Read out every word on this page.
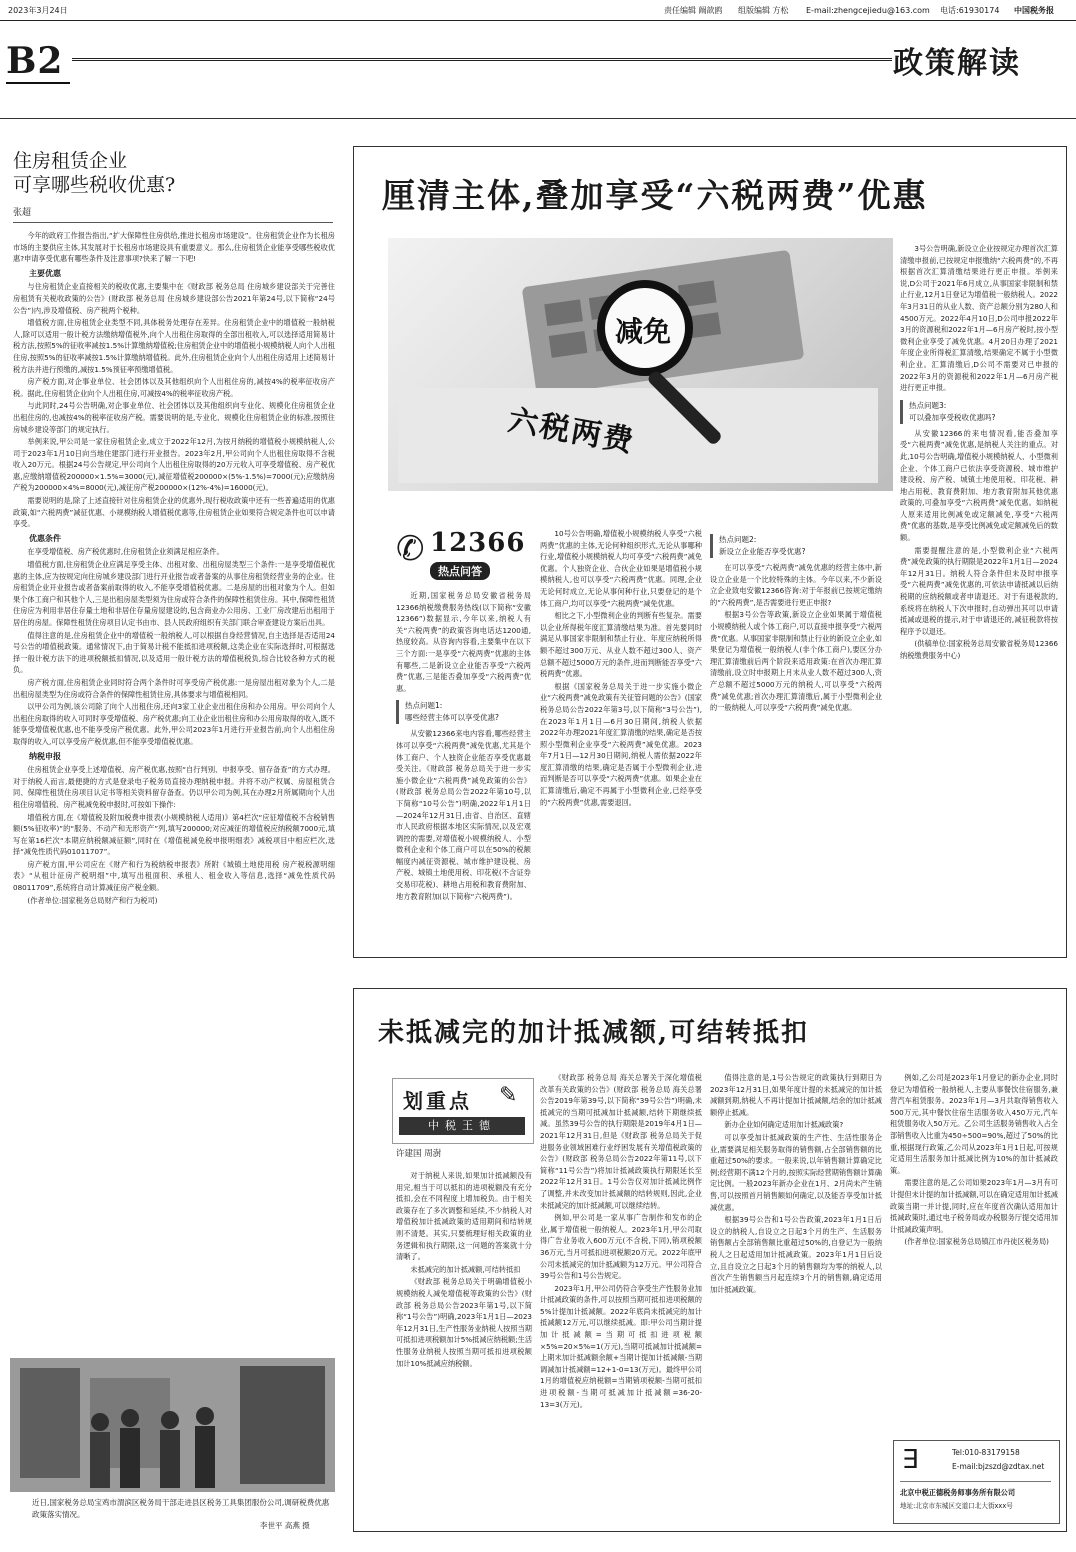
2023年3月24日	责任编辑 阚歆鸥 组版编辑 方松 E-mail:zhengcejiedu@163.com 电话:61930174 中国税务报
B2	政策解读
住房租赁企业
可享哪些税收优惠?
张超

今年的政府工作报告指出,“扩大保障性住房供给,推进长租房市场建设”。住房租赁企业作为长租房市场的主要供应主体,其发展对于长租房市场建设具有重要意义。那么,住房租赁企业能享受哪些税收优惠?申请享受优惠有哪些条件及注意事项?快来了解一下吧!

主要优惠

与住房租赁企业直接相关的税收优惠,主要集中在《财政部 税务总局 住房城乡建设部关于完善住房租赁有关税收政策的公告》(财政部 税务总局 住房城乡建设部公告2021年第24号,以下简称“24号公告”)内,涉及增值税、房产税两个税种。

增值税方面,住房租赁企业类型不同,具体税务处理存在差异。住房租赁企业中的增值税一般纳税人,除可以适用一般计税方法缴纳增值税外,向个人出租住房取得的全部出租收入,可以选择适用简易计税方法,按照5%的征收率减按1.5%计算缴纳增值税;住房租赁企业中的增值税小规模纳税人向个人出租住房,按照5%的征收率减按1.5%计算缴纳增值税。此外,住房租赁企业向个人出租住房适用上述简易计税方法并进行预缴的,减按1.5%预征率预缴增值税。

房产税方面,对企事业单位、社会团体以及其他组织向个人出租住房的,减按4%的税率征收房产税。据此,住房租赁企业向个人出租住房,可减按4%的税率征收房产税。

与此同时,24号公告明确,对企事业单位、社会团体以及其他组织向专业化、规模化住房租赁企业出租住房的,也减按4%的税率征收房产税。需要说明的是,专业化、规模化住房租赁企业的标准,按照住房城乡建设等部门的规定执行。

举例来说,甲公司是一家住房租赁企业,成立于2022年12月,为按月纳税的增值税小规模纳税人,公司于2023年1月10日向当地住建部门进行开业报告。2023年2月,甲公司向个人出租住房取得不含税收入20万元。根据24号公告规定,甲公司向个人出租住房取得的20万元收入可享受增值税、房产税优惠,应缴纳增值税200000×1.5%=3000(元),减征增值税200000×(5%-1.5%)=7000(元);应缴纳房产税为200000×4%=8000(元),减征房产税200000×(12%-4%)=16000(元)。

需要说明的是,除了上述直接针对住房租赁企业的优惠外,现行税收政策中还有一些普遍适用的优惠政策,如“六税两费”减征优惠、小规模纳税人增值税优惠等,住房租赁企业如果符合规定条件也可以申请享受。

优惠条件

在享受增值税、房产税优惠时,住房租赁企业须满足相应条件。

增值税方面,住房租赁企业应满足享受主体、出租对象、出租房屋类型三个条件:一是享受增值税优惠的主体,应为按规定向住房城乡建设部门进行开业报告或者备案的从事住房租赁经营业务的企业。住房租赁企业开业报告或者备案前取得的收入,不能享受增值税优惠。二是房屋的出租对象为个人。但如果个体工商户和其他个人,三是出租房屋类型须为住房或符合条件的保障性租赁住房。其中,保障性租赁住房应为利用非居住存量土地和非居住存量房屋建设的,包含商业办公用房、工业厂房改建后出租用于居住的房屋。保障性租赁住房项目认定书由市、县人民政府组织有关部门联合审查建设方案后出具。

值得注意的是,住房租赁企业中的增值税一般纳税人,可以根据自身经营情况,自主选择是否适用24号公告的增值税政策。通常情况下,由于简易计税不能抵扣进项税额,这类企业在实际选择时,可根据选择一般计税方法下的进项税额抵扣情况,以及适用一般计税方法的增值税税负,综合比较各种方式的税负。

房产税方面,住房租赁企业同时符合两个条件时可享受房产税优惠:一是房屋出租对象为个人,二是出租房屋类型为住房或符合条件的保障性租赁住房,具体要求与增值税相同。

以甲公司为例,该公司除了向个人出租住房,还向3家工业企业出租住房和办公用房。甲公司向个人出租住房取得的收入可同时享受增值税、房产税优惠;向工业企业出租住房和办公用房取得的收入,既不能享受增值税优惠,也不能享受房产税优惠。此外,甲公司2023年1月进行开业报告前,向个人出租住房取得的收入,可以享受房产税优惠,但不能享受增值税优惠。

纳税申报

住房租赁企业享受上述增值税、房产税优惠,按照“自行判别、申报享受、留存备查”的方式办理。对于纳税人而言,最便捷的方式是登录电子税务局直接办理纳税申报。并将不动产权属、房屋租赁合同、保障性租赁住房项目认定书等相关资料留存备查。仍以甲公司为例,其在办理2月所属期向个人出租住房增值税、房产税减免税申报时,可按如下操作:

增值税方面,在《增值税及附加税费申报表(小规模纳税人适用)》第4栏次“应征增值税不含税销售额(5%征收率)”的“服务、不动产和无形资产”列,填写200000;对应减征的增值税应纳税额7000元,填写在第16栏次“本期应纳税额减征额”,同时在《增值税减免税申报明细表》减税项目中相应栏次,选择“减免性质代码01011707”。

房产税方面,甲公司应在《财产和行为税纳税申报表》所附《城镇土地使用税 房产税税源明细表》“从租计征房产税明细”中,填写出租面积、承租人、租金收入等信息,选择“减免性质代码08011709”,系统将自动计算减征房产税金额。

(作者单位:国家税务总局财产和行为税司)

近日,国家税务总局宝鸡市渭滨区税务局干部走进县区税务工具集团服份公司,调研税费优惠政策落实情况。
李世平 高燕 摄
厘清主体,叠加享受“六税两费”优惠
减免
六税两费
✆ 12366
热点问答

近期,国家税务总局安徽省税务局12366纳税缴费服务热线(以下简称“安徽12366”)数据显示,今年以来,纳税人有关“六税两费”的政策咨询电话达1200通,热度较高。从咨询内容看,主要集中在以下三个方面:一是享受“六税两费”优惠的主体有哪些,二是新设立企业能否享受“六税两费”优惠,三是能否叠加享受“六税两费”优惠。

热点问题1:
哪些经营主体可以享受优惠?

从安徽12366来电内容看,哪些经营主体可以享受“六税两费”减免优惠,尤其是个体工商户、个人独资企业能否享受优惠最受关注。《财政部 税务总局关于进一步实施小微企业“六税两费”减免政策的公告》(财政部 税务总局公告2022年第10号,以下简称“10号公告”)明确,2022年1月1日—2024年12月31日,由省、自治区、直辖市人民政府根据本地区实际情况,以及宏观调控的需要,对增值税小规模纳税人、小型微利企业和个体工商户可以在50%的税额幅度内减征资源税、城市维护建设税、房产税、城镇土地使用税、印花税(不含证券交易印花税)、耕地占用税和教育费附加、地方教育附加(以下简称“六税两费”)。

10号公告明确,增值税小规模纳税人享受“六税两费”优惠的主体,无论何种组织形式,无论从事哪种行业,增值税小规模纳税人均可享受“六税两费”减免优惠。个人独资企业、合伙企业如果是增值税小规模纳税人,也可以享受“六税两费”优惠。同理,企业无论何时成立,无论从事何种行业,只要登记的是个体工商户,均可以享受“六税两费”减免优惠。

相比之下,小型微利企业的判断有些复杂。需要以企业所得税年度汇算清缴结果为准。首先要同时满足从事国家非限制和禁止行业、年度应纳税所得额不超过300万元、从业人数不超过300人、资产总额不超过5000万元的条件,进而判断能否享受“六税两费”优惠。

根据《国家税务总局关于进一步实施小微企业“六税两费”减免政策有关征管问题的公告》(国家税务总局公告2022年第3号,以下简称“3号公告”),在2023年1月1日—6月30日期间,纳税人依据2022年办理2021年度汇算清缴的结果,确定是否按照小型微利企业享受“六税两费”减免优惠。2023年7月1日—12月30日期间,纳税人需依据2022年度汇算清缴的结果,确定是否属于小型微利企业,进而判断是否可以享受“六税两费”优惠。如果企业在汇算清缴后,确定不再属于小型微利企业,已经享受的“六税两费”优惠,需要退回。

热点问题2:
新设立企业能否享受优惠?

在可以享受“六税两费”减免优惠的经营主体中,新设立企业是一个比较特殊的主体。今年以来,不少新设立企业致电安徽12366咨询:对于年报前已按规定缴纳的“六税两费”,是否需要进行更正申报?

根据3号公告等政策,新设立企业如果属于增值税小规模纳税人或个体工商户,可以直接申报享受“六税两费”优惠。从事国家非限制和禁止行业的新设立企业,如果登记为增值税一般纳税人(非个体工商户),要区分办理汇算清缴前后两个阶段来适用政策:在首次办理汇算清缴前,设立时申报期上月末从业人数不超过300人,资产总额不超过5000万元的纳税人,可以享受“六税两费”减免优惠;首次办理汇算清缴后,属于小型微利企业的一般纳税人,可以享受“六税两费”减免优惠。

3号公告明确,新设立企业按规定办理首次汇算清缴申报前,已按规定申报缴纳“六税两费”的,不再根据首次汇算清缴结果进行更正申报。举例来说,D公司于2021年6月成立,从事国家非限制和禁止行业,12月1日登记为增值税一般纳税人。2022年3月31日的从业人数、资产总额分别为280人和4500万元。2022年4月10日,D公司申报2022年3月的资源税和2022年1月—6月房产税时,按小型微利企业享受了减免优惠。4月20日办理了2021年度企业所得税汇算清缴,结果确定不属于小型微利企业。汇算清缴后,D公司不需要对已申报的2022年3月的资源税和2022年1月—6月房产税进行更正申报。

热点问题3:
可以叠加享受税收优惠吗?

从安徽12366的来电情况看,能否叠加享受“六税两费”减免优惠,是纳税人关注的重点。对此,10号公告明确,增值税小规模纳税人、小型微利企业、个体工商户已依法享受资源税、城市维护建设税、房产税、城镇土地使用税、印花税、耕地占用税、教育费附加、地方教育附加其他优惠政策的,可叠加享受“六税两费”减免优惠。如纳税人原来适用比例减免或定额减免,享受“六税两费”优惠的基数,是享受比例减免或定额减免后的数额。

需要提醒注意的是,小型微利企业“六税两费”减免政策的执行期限是2022年1月1日—2024年12月31日。纳税人符合条件但未及时申报享受“六税两费”减免优惠的,可依法申请抵减以后纳税期的应纳税额或者申请退还。对于有退税款的,系统将在纳税人下次申报时,自动弹出其可以申请抵减或退税的提示,对于申请退还的,减征税款将按程序予以退还。

(供稿单位:国家税务总局安徽省税务局12366纳税缴费服务中心)

未抵减完的加计抵减额,可结转抵扣
划重点 ✎
中税王德
许建国 周澍

对于纳税人来说,如果加计抵减额没有用完,相当于可以抵扣的进项税额没有充分抵扣,会在不同程度上增加税负。由于相关政策存在了多次调整和延续,不少纳税人对增值税加计抵减政策的适用期间和结转规则不清楚。其实,只要梳理好相关政策的业务逻辑和执行期限,这一问题的答案就十分清晰了。

未抵减完的加计抵减额,可结转抵扣

《财政部 税务总局关于明确增值税小规模纳税人减免增值税等政策的公告》(财政部 税务总局公告2023年第1号,以下简称“1号公告”)明确,2023年1月1日—2023年12月31日,生产性服务业纳税人按照当期可抵扣进项税额加计5%抵减应纳税额;生活性服务业纳税人按照当期可抵扣进项税额加计10%抵减应纳税额。

《财政部 税务总局 海关总署关于深化增值税改革有关政策的公告》(财政部 税务总局 海关总署公告2019年第39号,以下简称“39号公告”)明确,未抵减完的当期可抵减加计抵减额,结转下期继续抵减。虽然39号公告的执行期限是2019年4月1日—2021年12月31日,但是《财政部 税务总局关于促进服务业领域困难行业纾困发展有关增值税政策的公告》(财政部 税务总局公告2022年第11号,以下简称“11号公告”)将加计抵减政策执行期限延长至2022年12月31日。1号公告仅对加计抵减比例作了调整,并未改变加计抵减额的结转规则,因此,企业未抵减完的加计抵减额,可以继续结转。

例如,甲公司是一家从事广告制作和发布的企业,属于增值税一般纳税人。2023年1月,甲公司取得广告业务收入600万元(不含税,下同),销项税额36万元,当月可抵扣进项税额20万元。2022年底甲公司未抵减完的加计抵减额为12万元。甲公司符合39号公告和1号公告规定。

2023年1月,甲公司仍符合享受生产性服务业加计抵减政策的条件,可以按照当期可抵扣进项税额的5%计提加计抵减额。2022年底尚未抵减完的加计抵减额12万元,可以继续抵减。即:甲公司当期计提加计抵减额=当期可抵扣进项税额×5%=20×5%=1(万元),当期可抵减加计抵减额=上期末加计抵减额余额+当期计提加计抵减额-当期调减加计抵减额=12+1-0=13(万元)。最终甲公司1月的增值税应纳税额=当期销项税额-当期可抵扣进项税额-当期可抵减加计抵减额=36-20-13=3(万元)。

值得注意的是,1号公告规定的政策执行到期日为2023年12月31日,如果年度计提的未抵减完的加计抵减额到期,纳税人不再计提加计抵减额,结余的加计抵减额停止抵减。

新办企业如何确定适用加计抵减政策?

可以享受加计抵减政策的生产性、生活性服务企业,需要满足相关服务取得的销售额,占全部销售额的比重超过50%的要求。一般来说,以年销售额计算确定比例;经营期不满12个月的,按照实际经营期销售额计算确定比例。一般2023年新办企业在1月、2月尚未产生销售,可以按照首月销售额如何确定,以及能否享受加计抵减优惠。

根据39号公告和1号公告政策,2023年1月1日后设立的纳税人,自设立之日起3个月的生产、生活服务销售额占全部销售额比重超过50%的,自登记为一般纳税人之日起适用加计抵减政策。2023年1月1日后设立,且自设立之日起3个月的销售额均为零的纳税人,以首次产生销售额当月起连续3个月的销售额,确定适用加计抵减政策。

例如,乙公司是2023年1月登记的新办企业,同时登记为增值税一般纳税人,主要从事餐饮住宿服务,兼营汽车租赁服务。2023年1月—3月共取得销售收入500万元,其中餐饮住宿生活服务收入450万元,汽车租赁服务收入50万元。乙公司生活服务销售收入占全部销售收入比重为450÷500=90%,超过了50%的比重,根据现行政策,乙公司从2023年1月1日起,可按规定适用生活服务加计抵减比例为10%的加计抵减政策。

需要注意的是,乙公司如果2023年1月—3月有可计提但未计提的加计抵减额,可以在确定适用加计抵减政策当期一并计提,同时,应在年度首次确认适用加计抵减政策时,通过电子税务局或办税服务厅提交适用加计抵减政策声明。

(作者单位:国家税务总局镇江市丹徒区税务局)

∃	Tel:010-83179158
E-mail:bjzszd@zdtax.net
北京中税正德税务师事务所有限公司
地址:北京市东城区交道口北大街xxx号
